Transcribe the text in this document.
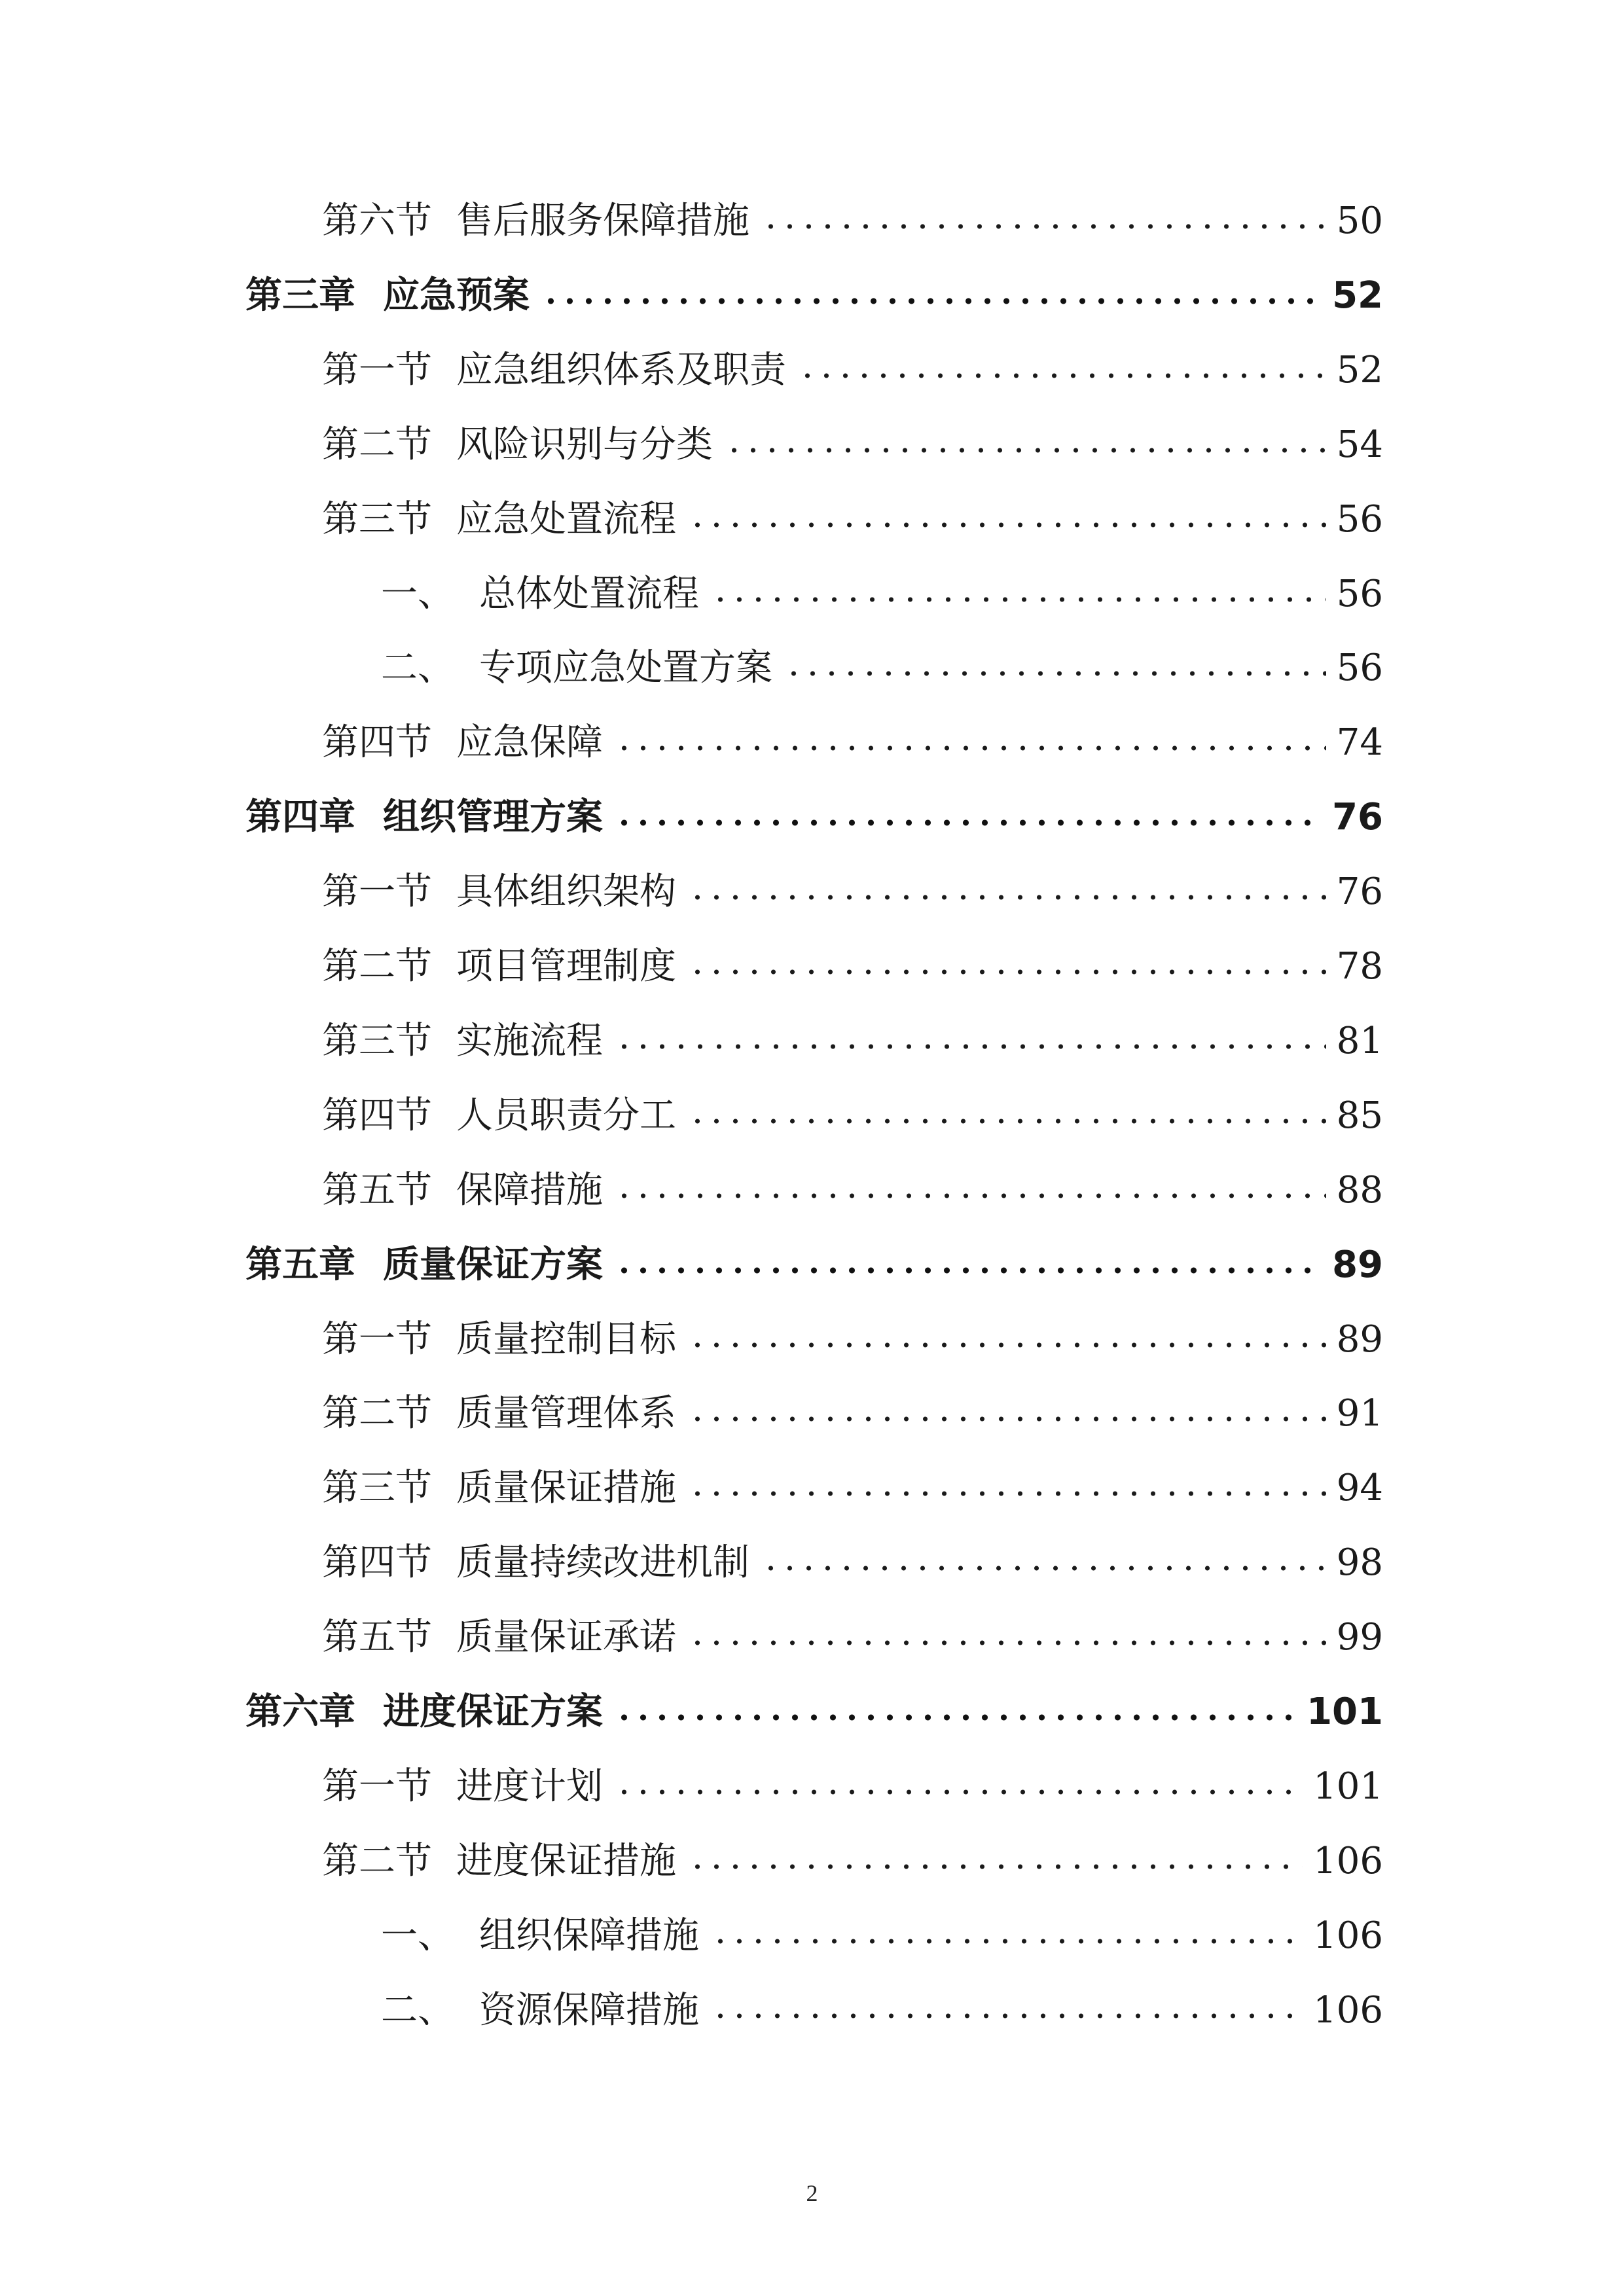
第六节 售后服务保障措施	50
第三章 应急预案	52
第一节 应急组织体系及职责	52
第二节 风险识别与分类	54
第三节 应急处置流程	56
一、 总体处置流程	56
二、 专项应急处置方案	56
第四节 应急保障	74
第四章 组织管理方案	76
第一节 具体组织架构	76
第二节 项目管理制度	78
第三节 实施流程	81
第四节 人员职责分工	85
第五节 保障措施	88
第五章 质量保证方案	89
第一节 质量控制目标	89
第二节 质量管理体系	91
第三节 质量保证措施	94
第四节 质量持续改进机制	98
第五节 质量保证承诺	99
第六章 进度保证方案	101
第一节 进度计划	101
第二节 进度保证措施	106
一、 组织保障措施	106
二、 资源保障措施	106
2
